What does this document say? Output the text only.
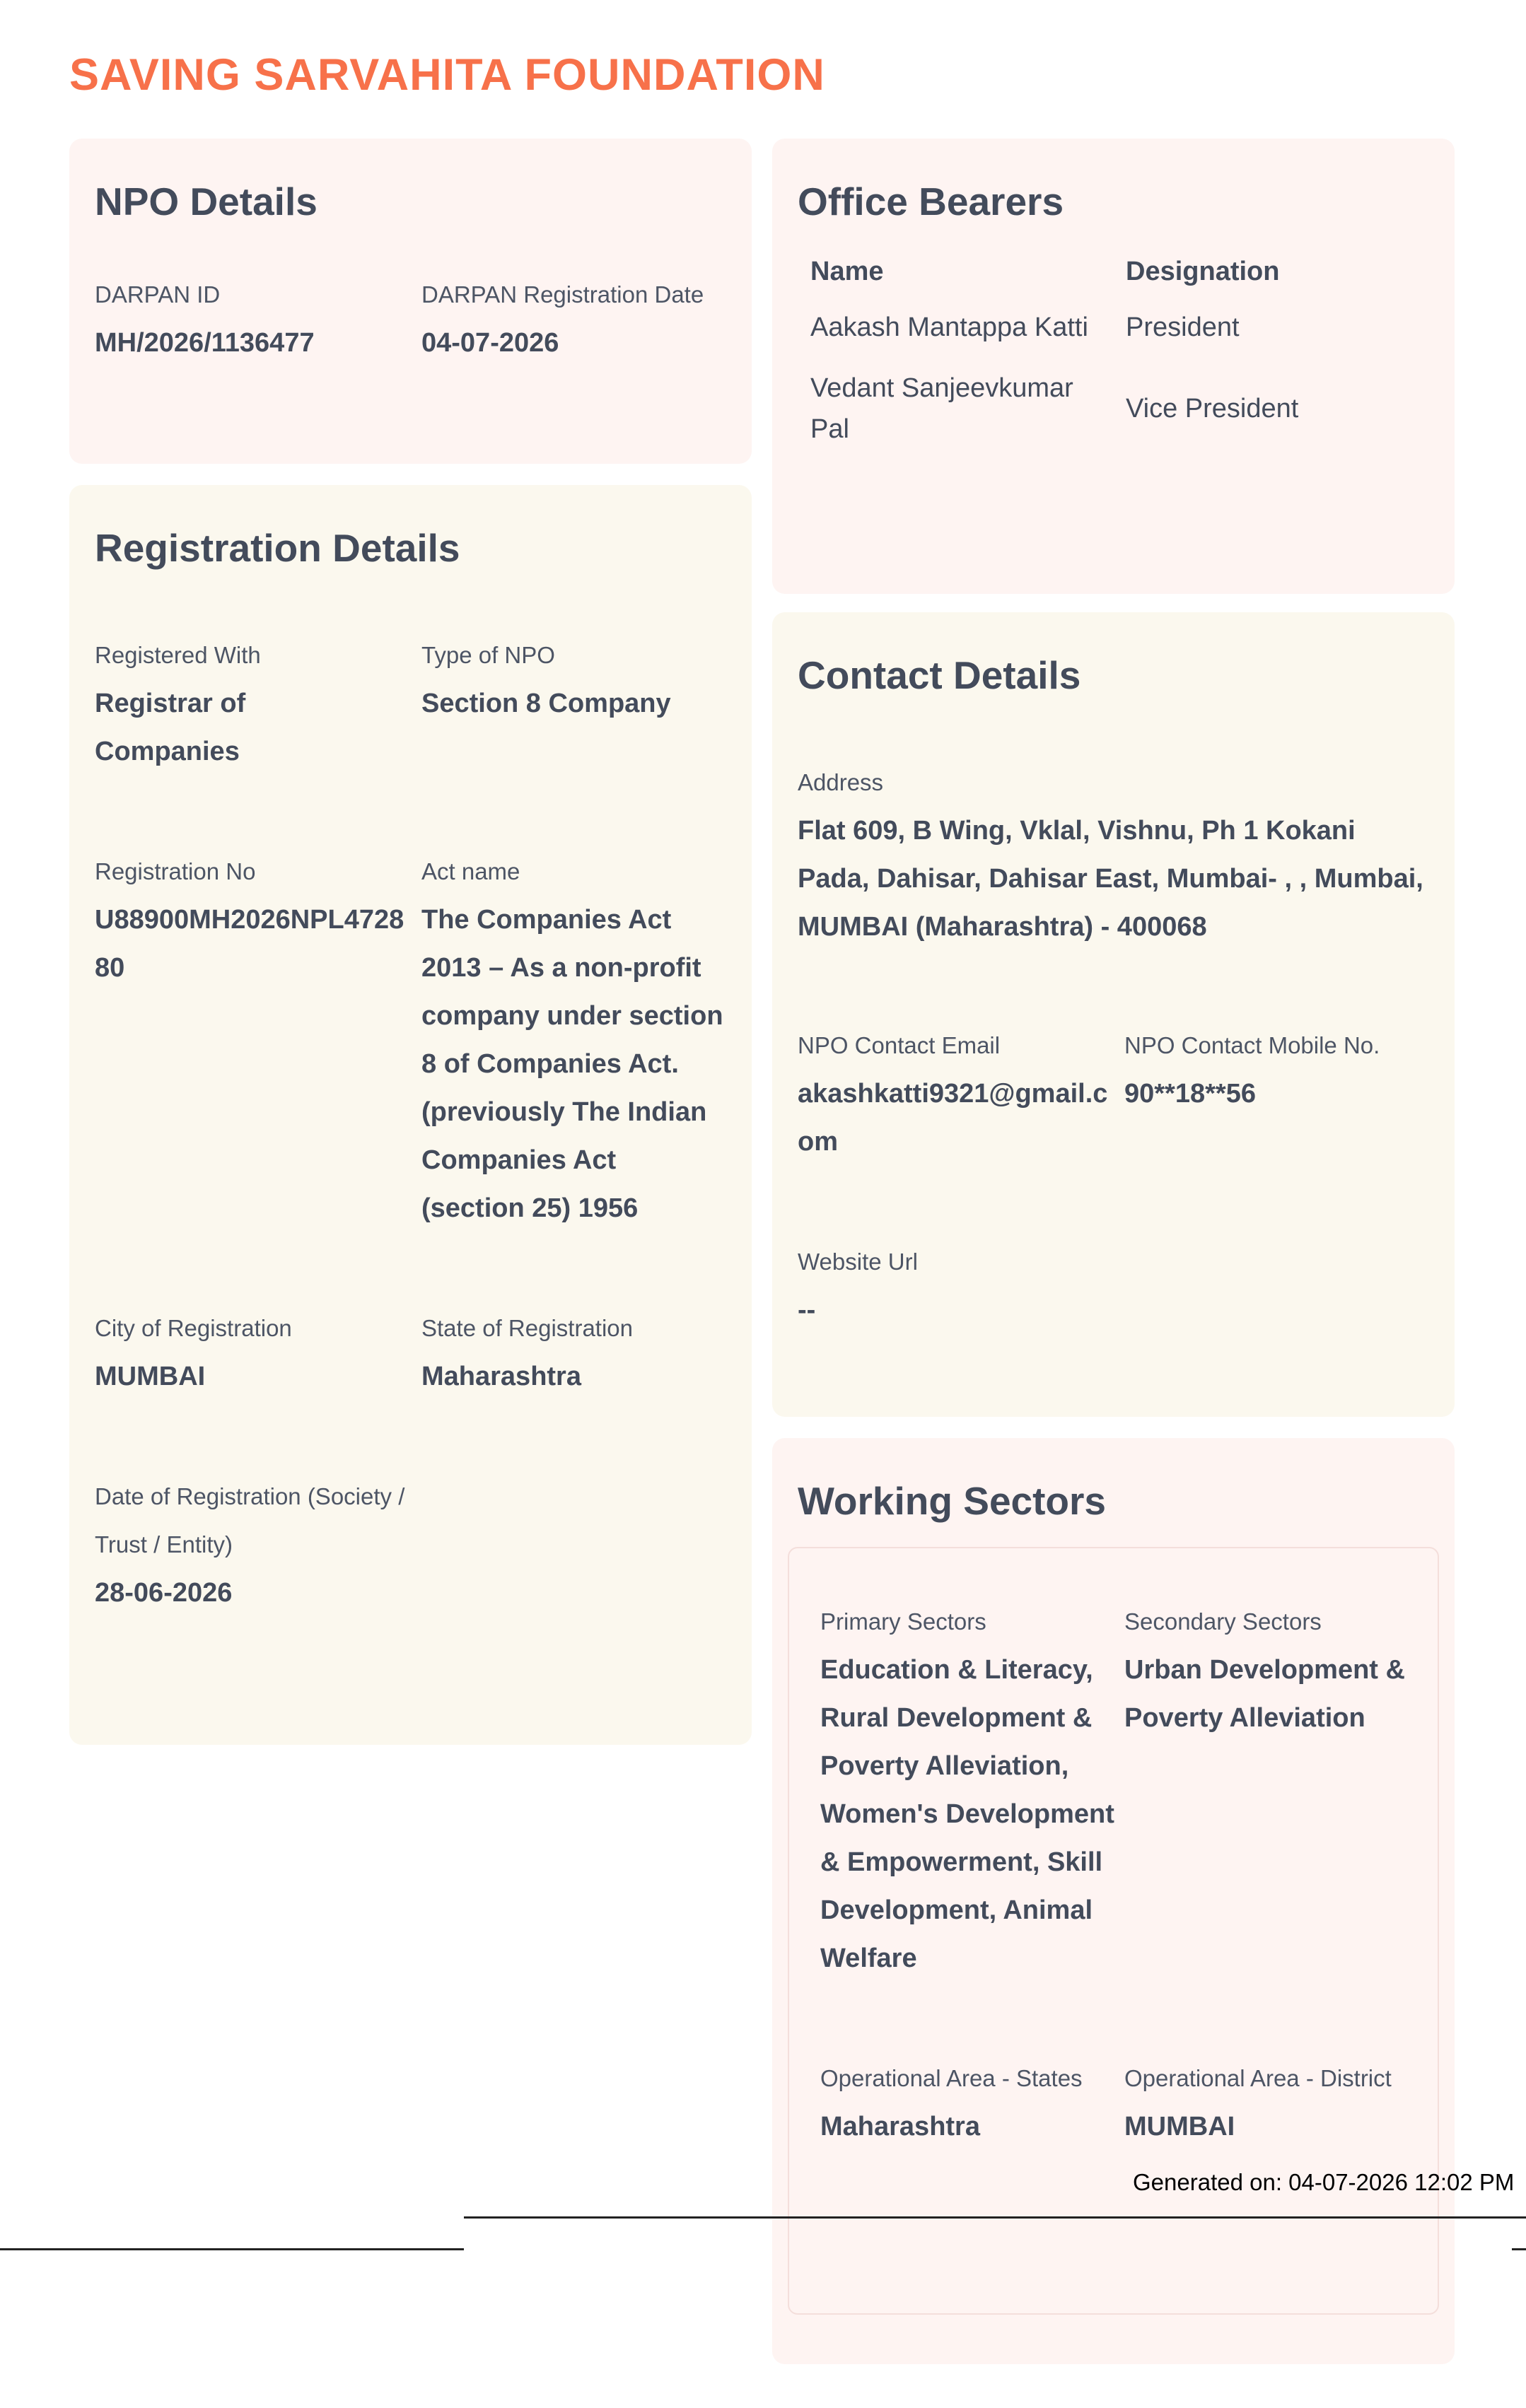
SAVING SARVAHITA FOUNDATION
NPO Details
DARPAN ID
MH/2026/1136477
DARPAN Registration Date
04-07-2026
Registration Details
Registered With
Registrar of Companies
Type of NPO
Section 8 Company
Registration No
U88900MH2026NPL472880
Act name
The Companies Act 2013 – As a non-profit company under section 8 of Companies Act. (previously The Indian Companies Act (section 25) 1956
City of Registration
MUMBAI
State of Registration
Maharashtra
Date of Registration (Society / Trust / Entity)
28-06-2026
Office Bearers
Name	Designation
Aakash Mantappa Katti	President
Vedant Sanjeevkumar Pal	Vice President
Contact Details
Address
Flat 609, B Wing, Vklal, Vishnu, Ph 1 Kokani Pada, Dahisar, Dahisar East, Mumbai- , , Mumbai, MUMBAI (Maharashtra) - 400068
NPO Contact Email
akashkatti9321@gmail.com
NPO Contact Mobile No.
90**18**56
Website Url
--
Working Sectors
Primary Sectors
Education & Literacy, Rural Development & Poverty Alleviation, Women's Development & Empowerment, Skill Development, Animal Welfare
Secondary Sectors
Urban Development & Poverty Alleviation
Operational Area - States
Maharashtra
Operational Area - District
MUMBAI
Generated on: 04-07-2026 12:02 PM
